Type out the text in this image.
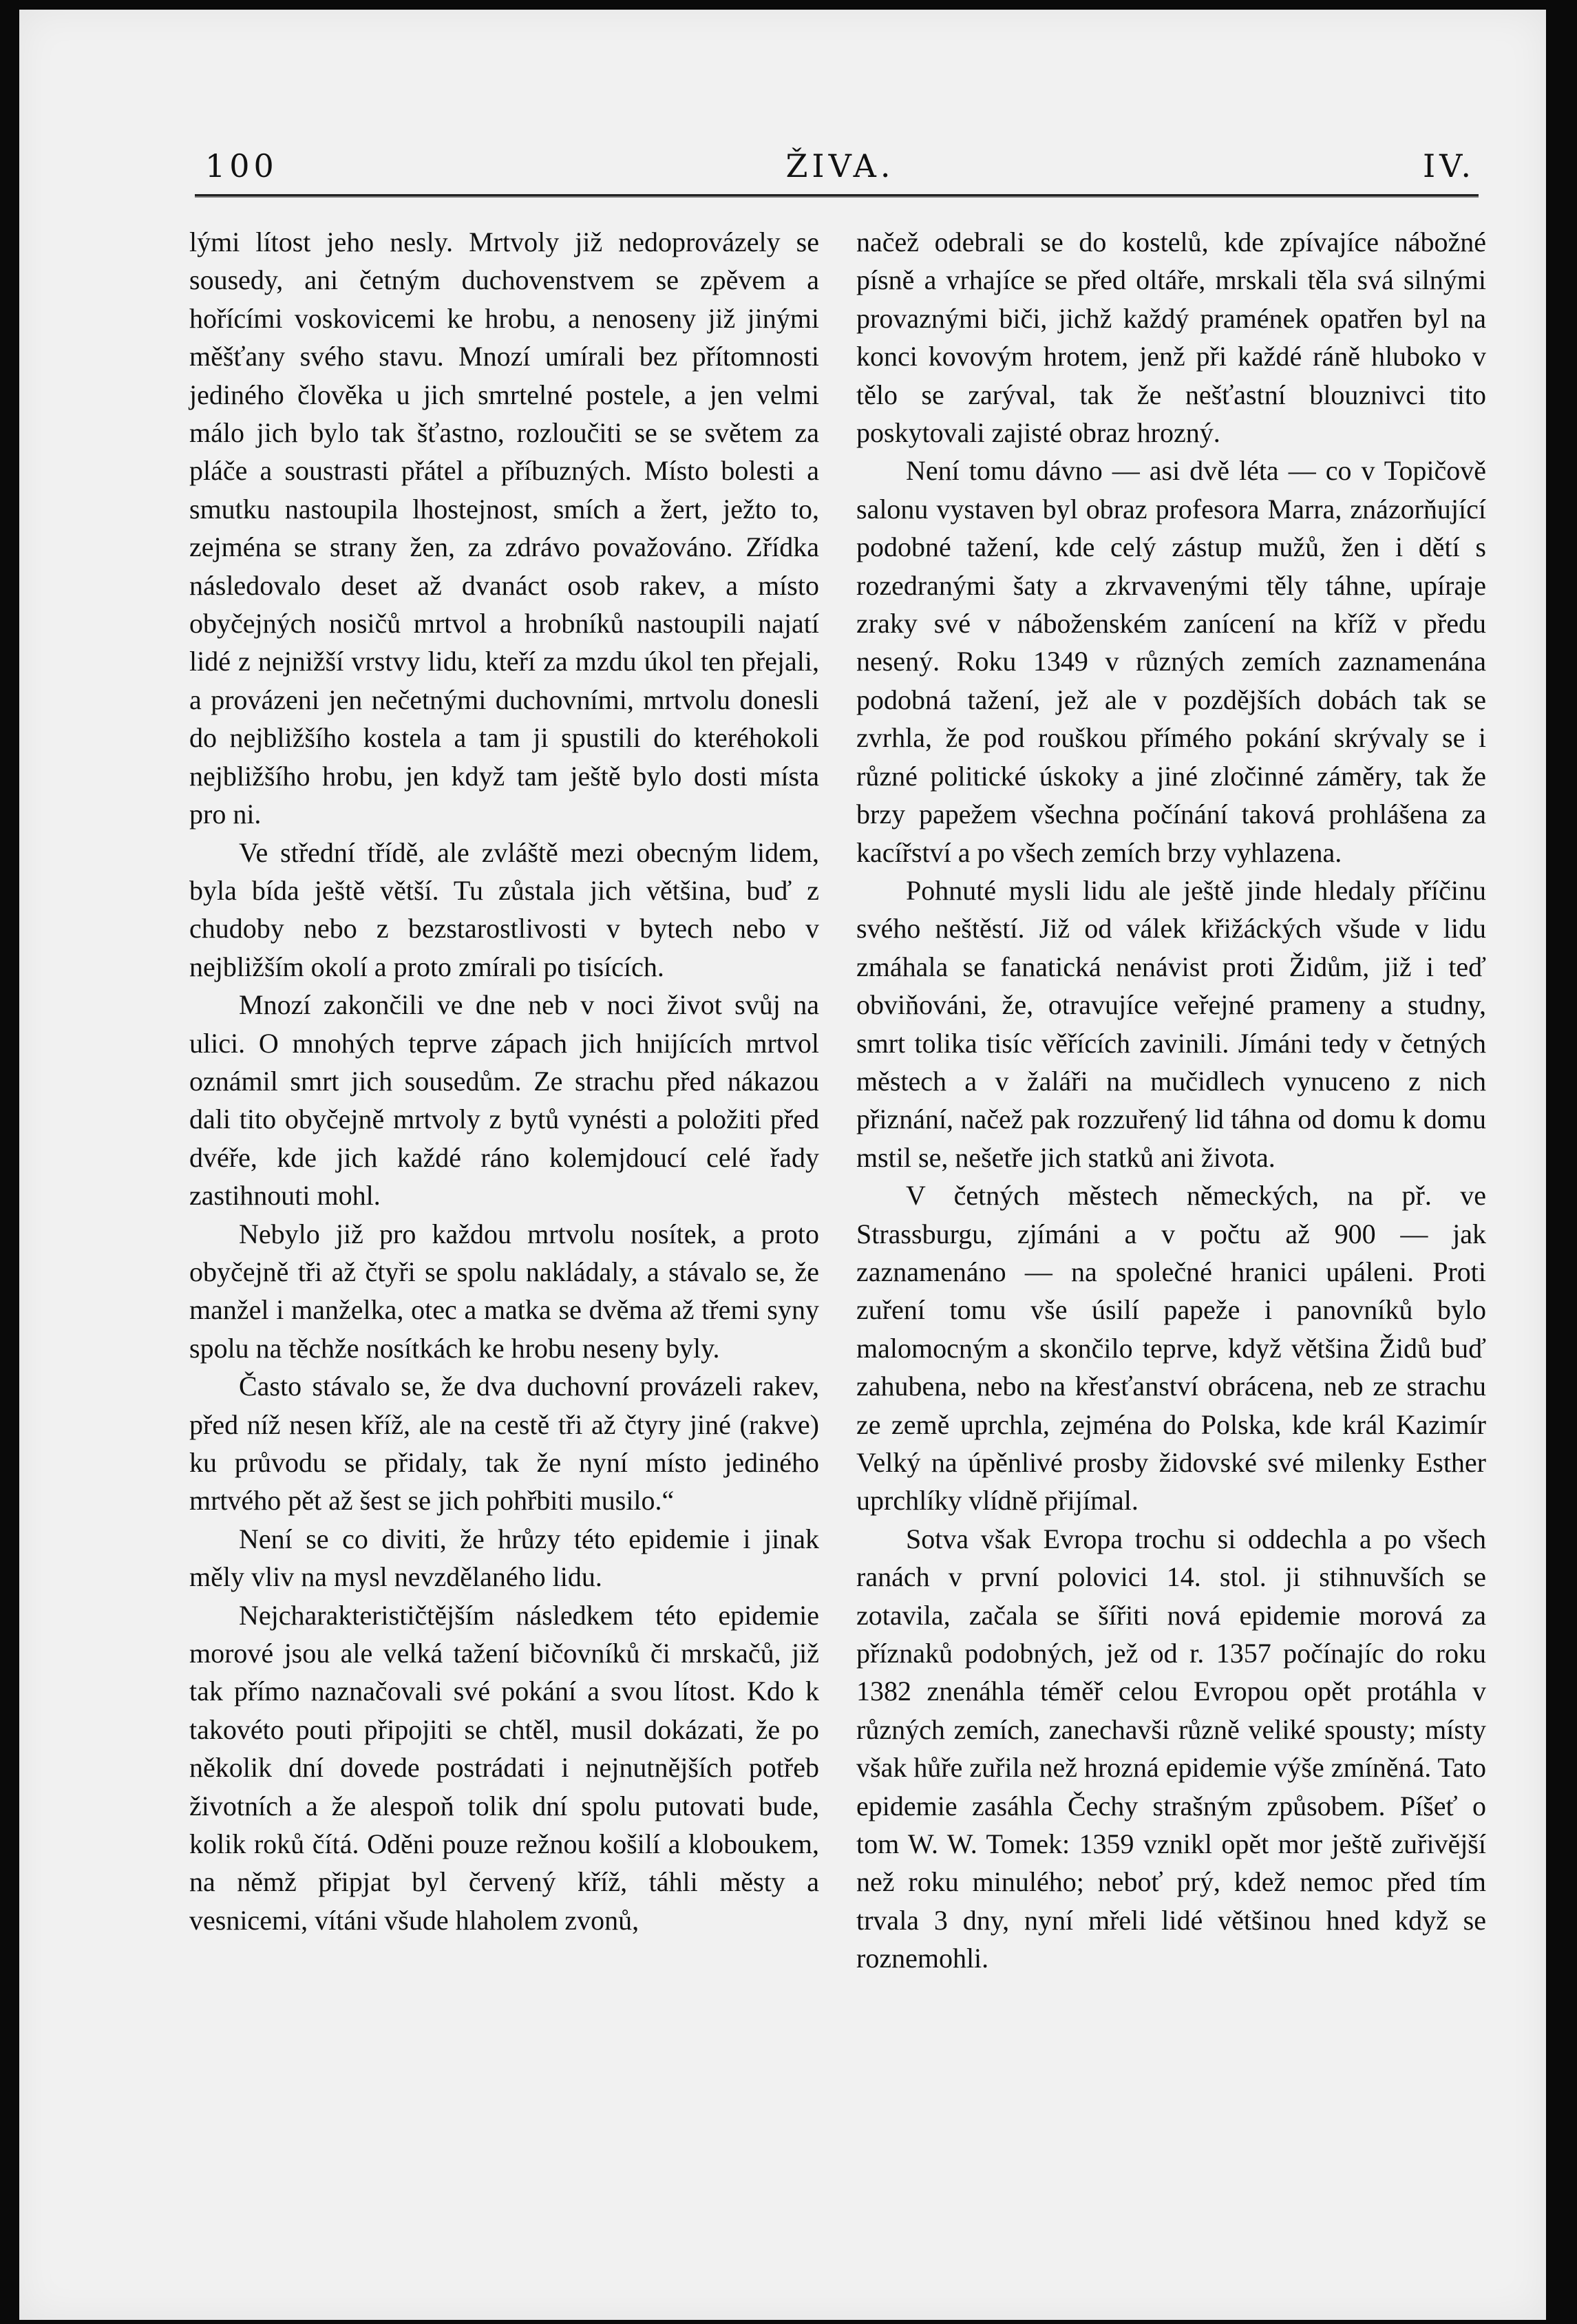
100	ŽIVA.	IV.

lými lítost jeho nesly. Mrtvoly již nedoprovázely se sousedy, ani četným duchovenstvem se zpěvem a hořícími voskovicemi ke hrobu, a nenoseny již jinými měšťany svého stavu. Mnozí umírali bez přítomnosti jediného člověka u jich smrtelné postele, a jen velmi málo jich bylo tak šťastno, rozloučiti se se světem za pláče a soustrasti přátel a příbuzných. Místo bolesti a smutku nastoupila lhostejnost, smích a žert, ježto to, zejména se strany žen, za zdrávo považováno. Zřídka následovalo deset až dvanáct osob rakev, a místo obyčejných nosičů mrtvol a hrobníků nastoupili najatí lidé z nejnižší vrstvy lidu, kteří za mzdu úkol ten přejali, a provázeni jen nečetnými duchovními, mrtvolu donesli do nejbližšího kostela a tam ji spustili do kteréhokoli nejbližšího hrobu, jen když tam ještě bylo dosti místa pro ni.

Ve střední třídě, ale zvláště mezi obecným lidem, byla bída ještě větší. Tu zůstala jich většina, buď z chudoby nebo z bezstarostlivosti v bytech nebo v nejbližším okolí a proto zmírali po tisících.

Mnozí zakončili ve dne neb v noci život svůj na ulici. O mnohých teprve zápach jich hnijících mrtvol oznámil smrt jich sousedům. Ze strachu před nákazou dali tito obyčejně mrtvoly z bytů vynésti a položiti před dvéře, kde jich každé ráno kolemjdoucí celé řady zastihnouti mohl.

Nebylo již pro každou mrtvolu nosítek, a proto obyčejně tři až čtyři se spolu nakládaly, a stávalo se, že manžel i manželka, otec a matka se dvěma až třemi syny spolu na těchže nosítkách ke hrobu neseny byly.

Často stávalo se, že dva duchovní provázeli rakev, před níž nesen kříž, ale na cestě tři až čtyry jiné (rakve) ku průvodu se přidaly, tak že nyní místo jediného mrtvého pět až šest se jich pohřbiti musilo.“

Není se co diviti, že hrůzy této epidemie i jinak měly vliv na mysl nevzdělaného lidu.

Nejcharakterističtějším následkem této epidemie morové jsou ale velká tažení bičovníků či mrskačů, již tak přímo naznačovali své pokání a svou lítost. Kdo k takovéto pouti připojiti se chtěl, musil dokázati, že po několik dní dovede postrádati i nejnutnějších potřeb životních a že alespoň tolik dní spolu putovati bude, kolik roků čítá. Oděni pouze režnou košilí a kloboukem, na němž připjat byl červený kříž, táhli městy a vesnicemi, vítáni všude hlaholem zvonů,

načež odebrali se do kostelů, kde zpívajíce nábožné písně a vrhajíce se před oltáře, mrskali těla svá silnými provaznými biči, jichž každý pramének opatřen byl na konci kovovým hrotem, jenž při každé ráně hluboko v tělo se zarýval, tak že nešťastní blouznivci tito poskytovali zajisté obraz hrozný.

Není tomu dávno — asi dvě léta — co v Topičově salonu vystaven byl obraz profesora Marra, znázorňující podobné tažení, kde celý zástup mužů, žen i dětí s rozedranými šaty a zkrvavenými těly táhne, upíraje zraky své v náboženském zanícení na kříž v předu nesený. Roku 1349 v různých zemích zaznamenána podobná tažení, jež ale v pozdějších dobách tak se zvrhla, že pod rouškou přímého pokání skrývaly se i různé politické úskoky a jiné zločinné záměry, tak že brzy papežem všechna počínání taková prohlášena za kacířství a po všech zemích brzy vyhlazena.

Pohnuté mysli lidu ale ještě jinde hledaly příčinu svého neštěstí. Již od válek křižáckých všude v lidu zmáhala se fanatická nenávist proti Židům, již i teď obviňováni, že, otravujíce veřejné prameny a studny, smrt tolika tisíc věřících zavinili. Jímáni tedy v četných městech a v žaláři na mučidlech vynuceno z nich přiznání, načež pak rozzuřený lid táhna od domu k domu mstil se, nešetře jich statků ani života.

V četných městech německých, na př. ve Strassburgu, zjímáni a v počtu až 900 — jak zaznamenáno — na společné hranici upáleni. Proti zuření tomu vše úsilí papeže i panovníků bylo malomocným a skončilo teprve, když většina Židů buď zahubena, nebo na křesťanství obrácena, neb ze strachu ze země uprchla, zejména do Polska, kde král Kazimír Velký na úpěnlivé prosby židovské své milenky Esther uprchlíky vlídně přijímal.

Sotva však Evropa trochu si oddechla a po všech ranách v první polovici 14. stol. ji stihnuvších se zotavila, začala se šířiti nová epidemie morová za příznaků podobných, jež od r. 1357 počínajíc do roku 1382 znenáhla téměř celou Evropou opět protáhla v různých zemích, zanechavši různě veliké spousty; místy však hůře zuřila než hrozná epidemie výše zmíněná. Tato epidemie zasáhla Čechy strašným způsobem. Píšeť o tom W. W. Tomek: 1359 vznikl opět mor ještě zuřivější než roku minulého; neboť prý, kdež nemoc před tím trvala 3 dny, nyní mřeli lidé většinou hned když se roznemohli.
